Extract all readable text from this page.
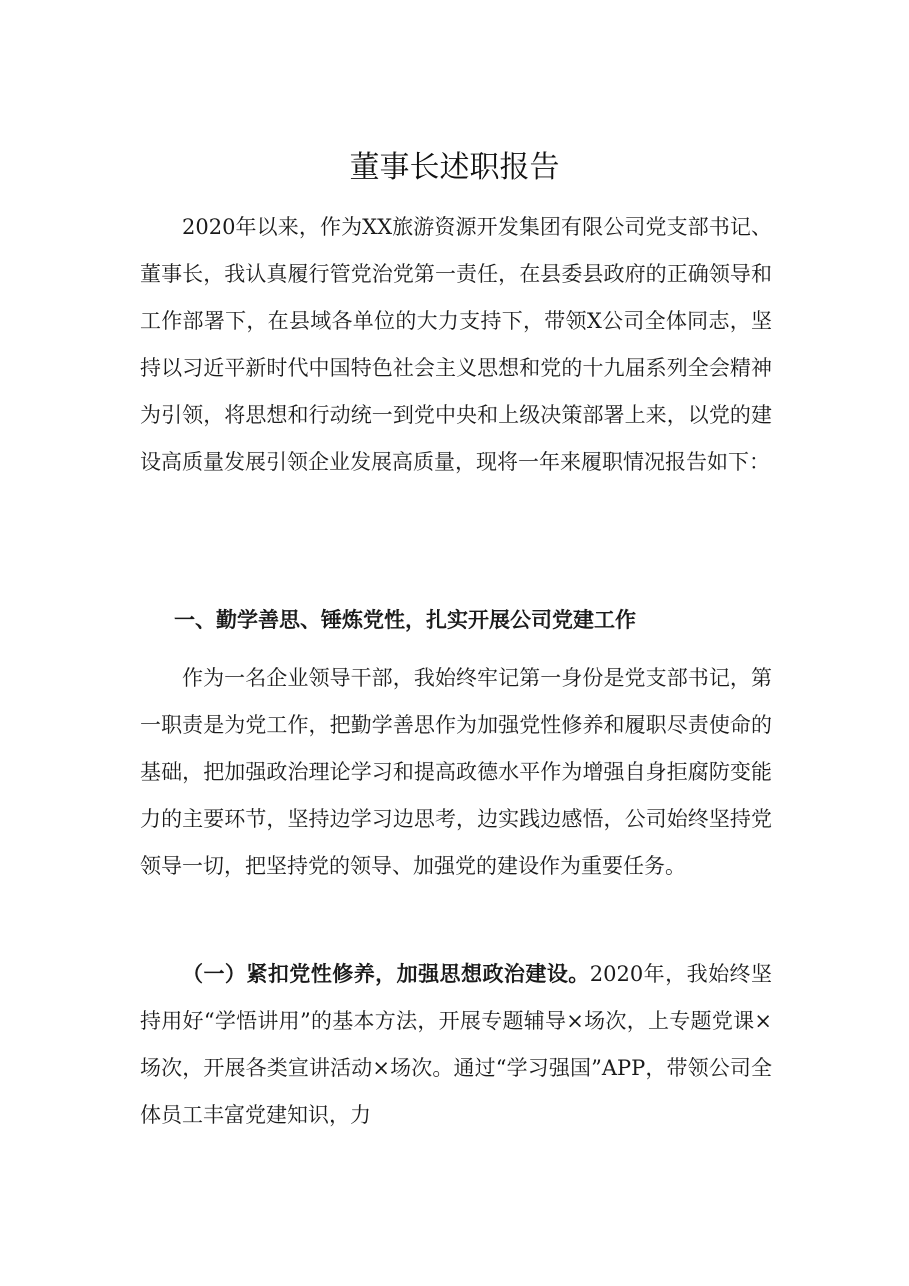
董事长述职报告

2020年以来，作为XX旅游资源开发集团有限公司党支部书记、董事长，我认真履行管党治党第一责任，在县委县政府的正确领导和工作部署下，在县域各单位的大力支持下，带领X公司全体同志，坚持以习近平新时代中国特色社会主义思想和党的十九届系列全会精神为引领，将思想和行动统一到党中央和上级决策部署上来，以党的建设高质量发展引领企业发展高质量，现将一年来履职情况报告如下：

一、勤学善思、锤炼党性，扎实开展公司党建工作

作为一名企业领导干部，我始终牢记第一身份是党支部书记，第一职责是为党工作，把勤学善思作为加强党性修养和履职尽责使命的基础，把加强政治理论学习和提高政德水平作为增强自身拒腐防变能力的主要环节，坚持边学习边思考，边实践边感悟，公司始终坚持党领导一切，把坚持党的领导、加强党的建设作为重要任务。

（一）紧扣党性修养，加强思想政治建设。2020年，我始终坚持用好“学悟讲用”的基本方法，开展专题辅导×场次，上专题党课×场次，开展各类宣讲活动×场次。通过“学习强国”APP，带领公司全体员工丰富党建知识，力
